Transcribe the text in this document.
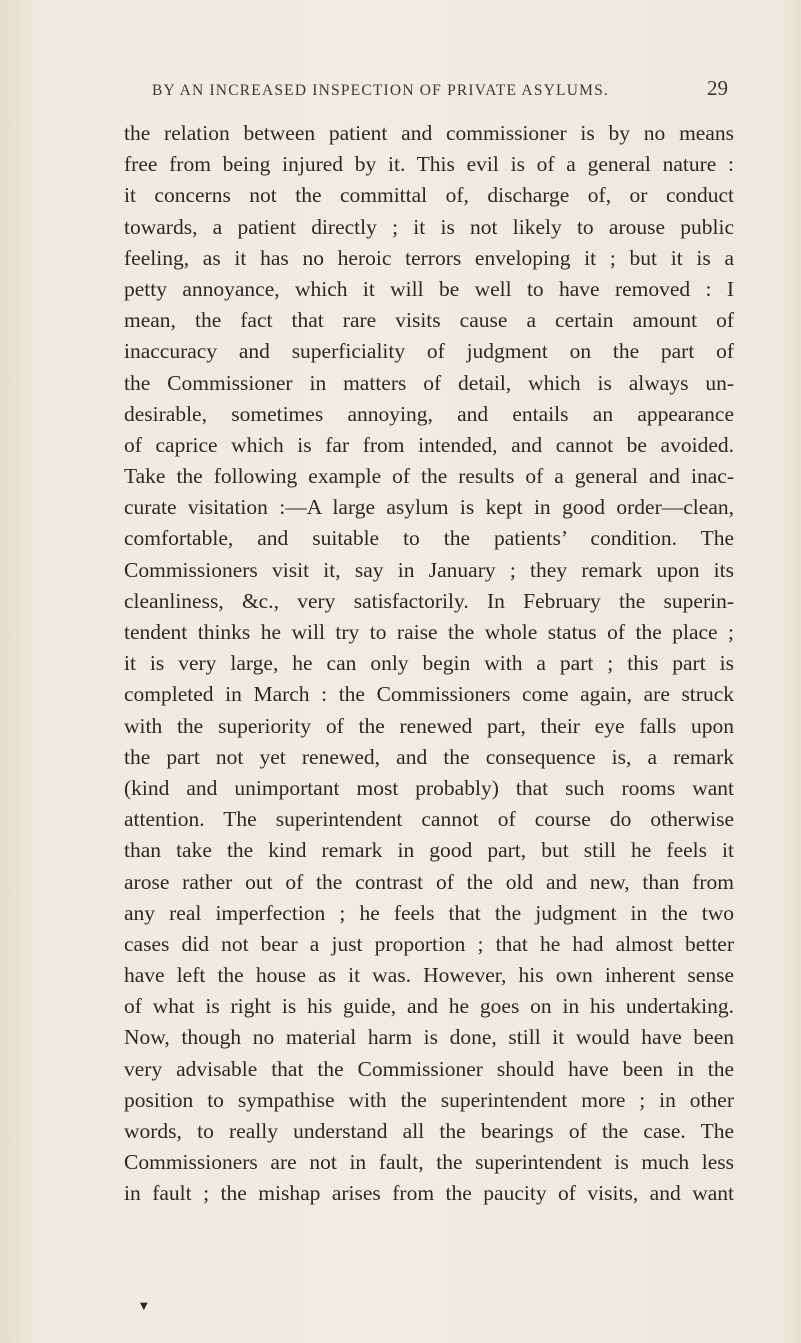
BY AN INCREASED INSPECTION OF PRIVATE ASYLUMS.	29
the relation between patient and commissioner is by no means
free from being injured by it. This evil is of a general nature :
it concerns not the committal of, discharge of, or conduct
towards, a patient directly ; it is not likely to arouse public
feeling, as it has no heroic terrors enveloping it ; but it is a
petty annoyance, which it will be well to have removed : I
mean, the fact that rare visits cause a certain amount of
inaccuracy and superficiality of judgment on the part of
the Commissioner in matters of detail, which is always un-
desirable, sometimes annoying, and entails an appearance
of caprice which is far from intended, and cannot be avoided.
Take the following example of the results of a general and inac-
curate visitation :—A large asylum is kept in good order—clean,
comfortable, and suitable to the patients’ condition. The
Commissioners visit it, say in January ; they remark upon its
cleanliness, &c., very satisfactorily. In February the superin-
tendent thinks he will try to raise the whole status of the place ;
it is very large, he can only begin with a part ; this part is
completed in March : the Commissioners come again, are struck
with the superiority of the renewed part, their eye falls upon
the part not yet renewed, and the consequence is, a remark
(kind and unimportant most probably) that such rooms want
attention. The superintendent cannot of course do otherwise
than take the kind remark in good part, but still he feels it
arose rather out of the contrast of the old and new, than from
any real imperfection ; he feels that the judgment in the two
cases did not bear a just proportion ; that he had almost better
have left the house as it was. However, his own inherent sense
of what is right is his guide, and he goes on in his undertaking.
Now, though no material harm is done, still it would have been
very advisable that the Commissioner should have been in the
position to sympathise with the superintendent more ; in other
words, to really understand all the bearings of the case. The
Commissioners are not in fault, the superintendent is much less
in fault ; the mishap arises from the paucity of visits, and want
▼
